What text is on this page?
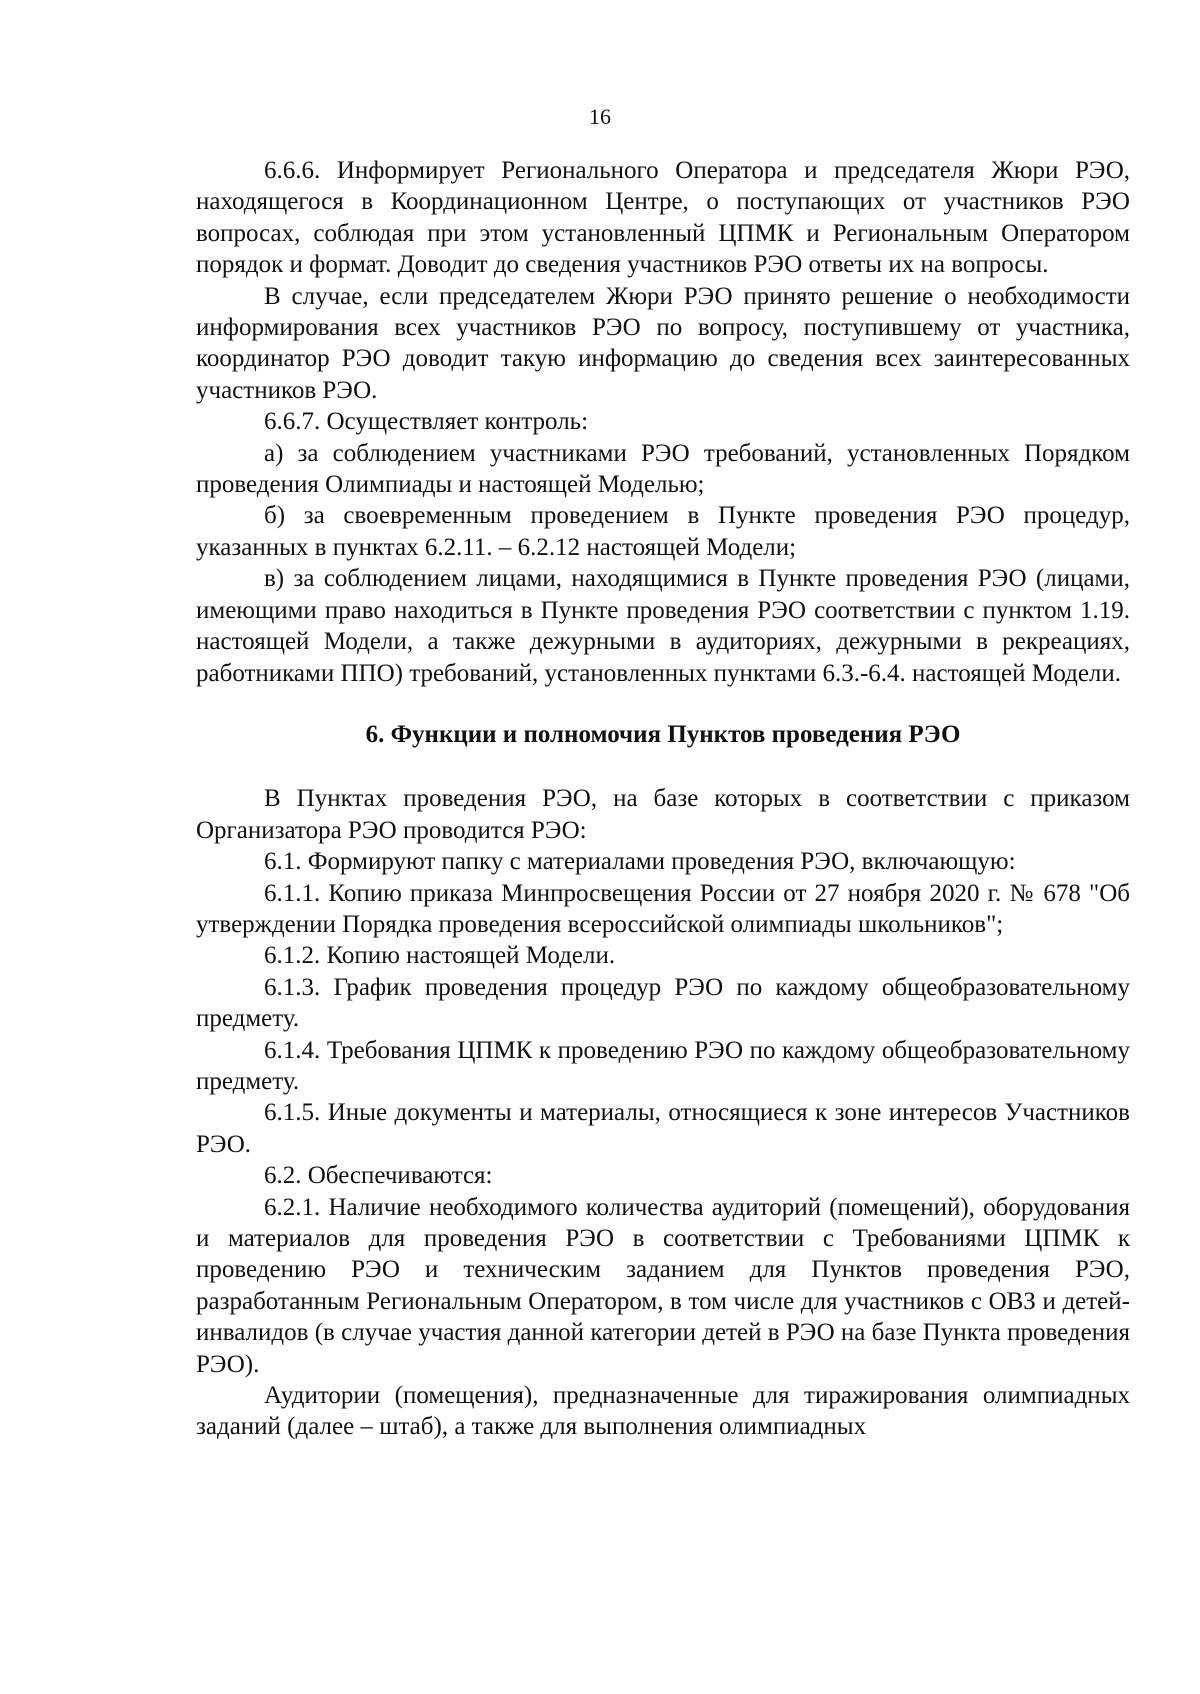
16

6.6.6. Информирует Регионального Оператора и председателя Жюри РЭО, находящегося в Координационном Центре, о поступающих от участников РЭО вопросах, соблюдая при этом установленный ЦПМК и Региональным Оператором порядок и формат. Доводит до сведения участников РЭО ответы их на вопросы.

В случае, если председателем Жюри РЭО принято решение о необходимости информирования всех участников РЭО по вопросу, поступившему от участника, координатор РЭО доводит такую информацию до сведения всех заинтересованных участников РЭО.

6.6.7. Осуществляет контроль:

а) за соблюдением участниками РЭО требований, установленных Порядком проведения Олимпиады и настоящей Моделью;

б) за своевременным проведением в Пункте проведения РЭО процедур, указанных в пунктах 6.2.11. – 6.2.12 настоящей Модели;

в) за соблюдением лицами, находящимися в Пункте проведения РЭО (лицами, имеющими право находиться в Пункте проведения РЭО соответствии с пунктом 1.19. настоящей Модели, а также дежурными в аудиториях, дежурными в рекреациях, работниками ППО) требований, установленных пунктами 6.3.-6.4. настоящей Модели.

6. Функции и полномочия Пунктов проведения РЭО

В Пунктах проведения РЭО, на базе которых в соответствии с приказом Организатора РЭО проводится РЭО:

6.1. Формируют папку с материалами проведения РЭО, включающую:

6.1.1. Копию приказа Минпросвещения России от 27 ноября 2020 г. № 678 "Об утверждении Порядка проведения всероссийской олимпиады школьников";

6.1.2. Копию настоящей Модели.

6.1.3. График проведения процедур РЭО по каждому общеобразовательному предмету.

6.1.4. Требования ЦПМК к проведению РЭО по каждому общеобразовательному предмету.

6.1.5. Иные документы и материалы, относящиеся к зоне интересов Участников РЭО.

6.2. Обеспечиваются:

6.2.1. Наличие необходимого количества аудиторий (помещений), оборудования и материалов для проведения РЭО в соответствии с Требованиями ЦПМК к проведению РЭО и техническим заданием для Пунктов проведения РЭО, разработанным Региональным Оператором, в том числе для участников с ОВЗ и детей-инвалидов (в случае участия данной категории детей в РЭО на базе Пункта проведения РЭО).

Аудитории (помещения), предназначенные для тиражирования олимпиадных заданий (далее – штаб), а также для выполнения олимпиадных
